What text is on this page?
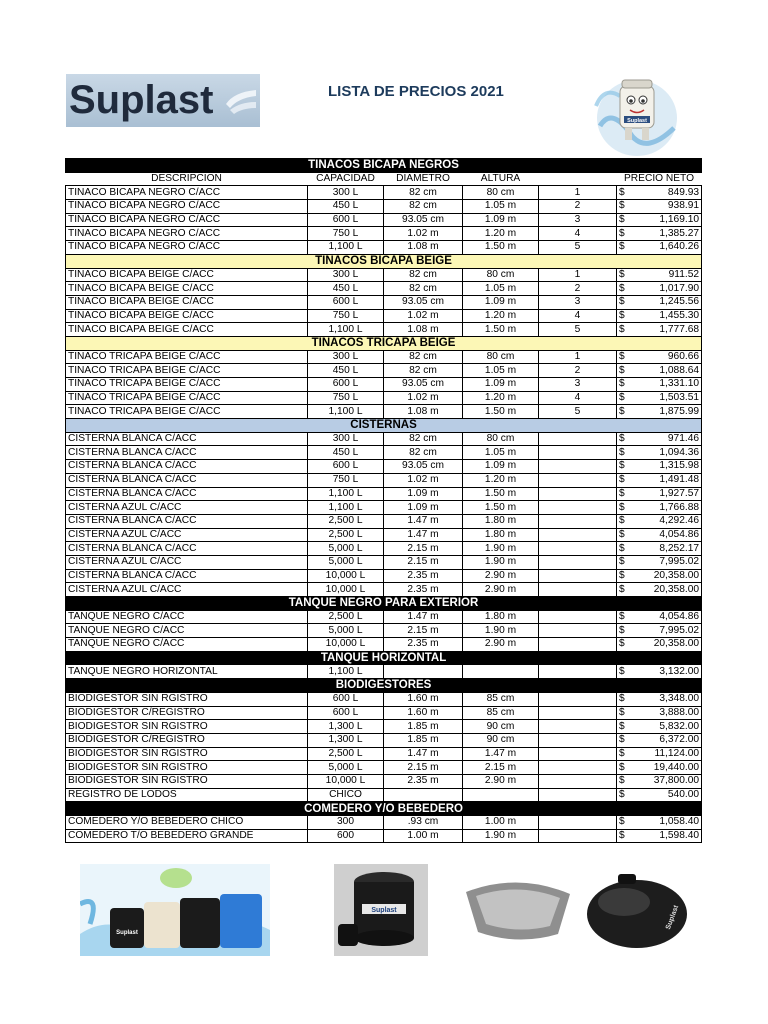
Suplast	LISTA DE PRECIOS 2021
Suplast
TINACOS BICAPA NEGROS						
DESCRIPCION	CAPACIDAD	DIAMETRO	ALTURA		PRECIO NETO	
TINACO BICAPA NEGRO C/ACC	300 L	82 cm	80 cm	1	$	849.93
TINACO BICAPA NEGRO C/ACC	450 L	82 cm	1.05 m	2	$	938.91
TINACO BICAPA NEGRO C/ACC	600 L	93.05 cm	1.09 m	3	$	1,169.10
TINACO BICAPA NEGRO C/ACC	750 L	1.02 m	1.20 m	4	$	1,385.27
TINACO BICAPA NEGRO C/ACC	1,100 L	1.08 m	1.50 m	5	$	1,640.26
TINACOS BICAPA BEIGE						
TINACO BICAPA BEIGE C/ACC	300 L	82 cm	80 cm	1	$	911.52
TINACO BICAPA BEIGE C/ACC	450 L	82 cm	1.05 m	2	$	1,017.90
TINACO BICAPA BEIGE C/ACC	600 L	93.05 cm	1.09 m	3	$	1,245.56
TINACO BICAPA BEIGE C/ACC	750 L	1.02 m	1.20 m	4	$	1,455.30
TINACO BICAPA BEIGE C/ACC	1,100 L	1.08 m	1.50 m	5	$	1,777.68
TINACOS TRICAPA BEIGE						
TINACO TRICAPA BEIGE C/ACC	300 L	82 cm	80 cm	1	$	960.66
TINACO TRICAPA BEIGE C/ACC	450 L	82 cm	1.05 m	2	$	1,088.64
TINACO TRICAPA BEIGE C/ACC	600 L	93.05 cm	1.09 m	3	$	1,331.10
TINACO TRICAPA BEIGE C/ACC	750 L	1.02 m	1.20 m	4	$	1,503.51
TINACO TRICAPA BEIGE C/ACC	1,100 L	1.08 m	1.50 m	5	$	1,875.99
CISTERNAS						
CISTERNA BLANCA C/ACC	300 L	82 cm	80 cm		$	971.46
CISTERNA BLANCA C/ACC	450 L	82 cm	1.05 m		$	1,094.36
CISTERNA BLANCA C/ACC	600 L	93.05 cm	1.09 m		$	1,315.98
CISTERNA BLANCA C/ACC	750 L	1.02 m	1.20 m		$	1,491.48
CISTERNA BLANCA C/ACC	1,100 L	1.09 m	1.50 m		$	1,927.57
CISTERNA AZUL C/ACC	1,100 L	1.09 m	1.50 m		$	1,766.88
CISTERNA BLANCA C/ACC	2,500 L	1.47 m	1.80 m		$	4,292.46
CISTERNA AZUL C/ACC	2,500 L	1.47 m	1.80 m		$	4,054.86
CISTERNA BLANCA C/ACC	5,000 L	2.15 m	1.90 m		$	8,252.17
CISTERNA AZUL C/ACC	5,000 L	2.15 m	1.90 m		$	7,995.02
CISTERNA BLANCA C/ACC	10,000 L	2.35 m	2.90 m		$	20,358.00
CISTERNA AZUL C/ACC	10,000 L	2.35 m	2.90 m		$	20,358.00
TANQUE NEGRO PARA EXTERIOR						
TANQUE NEGRO C/ACC	2,500 L	1.47 m	1.80 m		$	4,054.86
TANQUE NEGRO C/ACC	5,000 L	2.15 m	1.90 m		$	7,995.02
TANQUE NEGRO C/ACC	10,000 L	2.35 m	2.90 m		$	20,358.00
TANQUE HORIZONTAL						
TANQUE NEGRO HORIZONTAL	1,100 L				$	3,132.00
BIODIGESTORES						
BIODIGESTOR SIN RGISTRO	600 L	1.60 m	85 cm		$	3,348.00
BIODIGESTOR C/REGISTRO	600 L	1.60 m	85 cm		$	3,888.00
BIODIGESTOR SIN RGISTRO	1,300 L	1.85 m	90 cm		$	5,832.00
BIODIGESTOR C/REGISTRO	1,300 L	1.85 m	90 cm		$	6,372.00
BIODIGESTOR SIN RGISTRO	2,500 L	1.47 m	1.47 m		$	11,124.00
BIODIGESTOR SIN RGISTRO	5,000 L	2.15 m	2.15 m		$	19,440.00
BIODIGESTOR SIN RGISTRO	10,000 L	2.35 m	2.90 m		$	37,800.00
REGISTRO DE LODOS	CHICO				$	540.00
COMEDERO Y/O BEBEDERO						
COMEDERO Y/O BEBEDERO CHICO	300	.93 cm	1.00 m		$	1,058.40
COMEDERO T/O BEBEDERO GRANDE	600	1.00 m	1.90 m		$	1,598.40
Suplast
Suplast	Suplast
